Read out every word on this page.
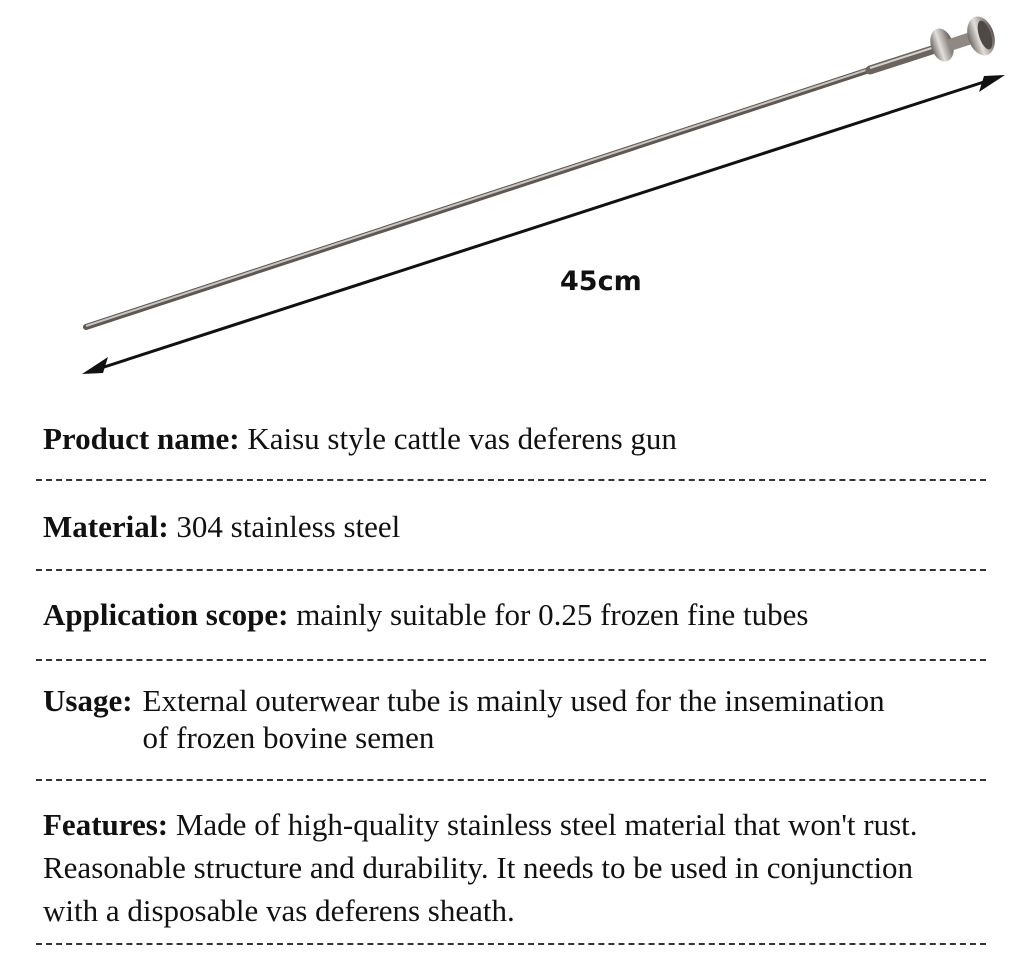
45cm
Product name: Kaisu style cattle vas deferens gun
Material: 304 stainless steel
Application scope: mainly suitable for 0.25 frozen fine tubes
Usage: External outerwear tube is mainly used for the insemination of frozen bovine semen
Features: Made of high-quality stainless steel material that won't rust. Reasonable structure and durability. It needs to be used in conjunction with a disposable vas deferens sheath.
